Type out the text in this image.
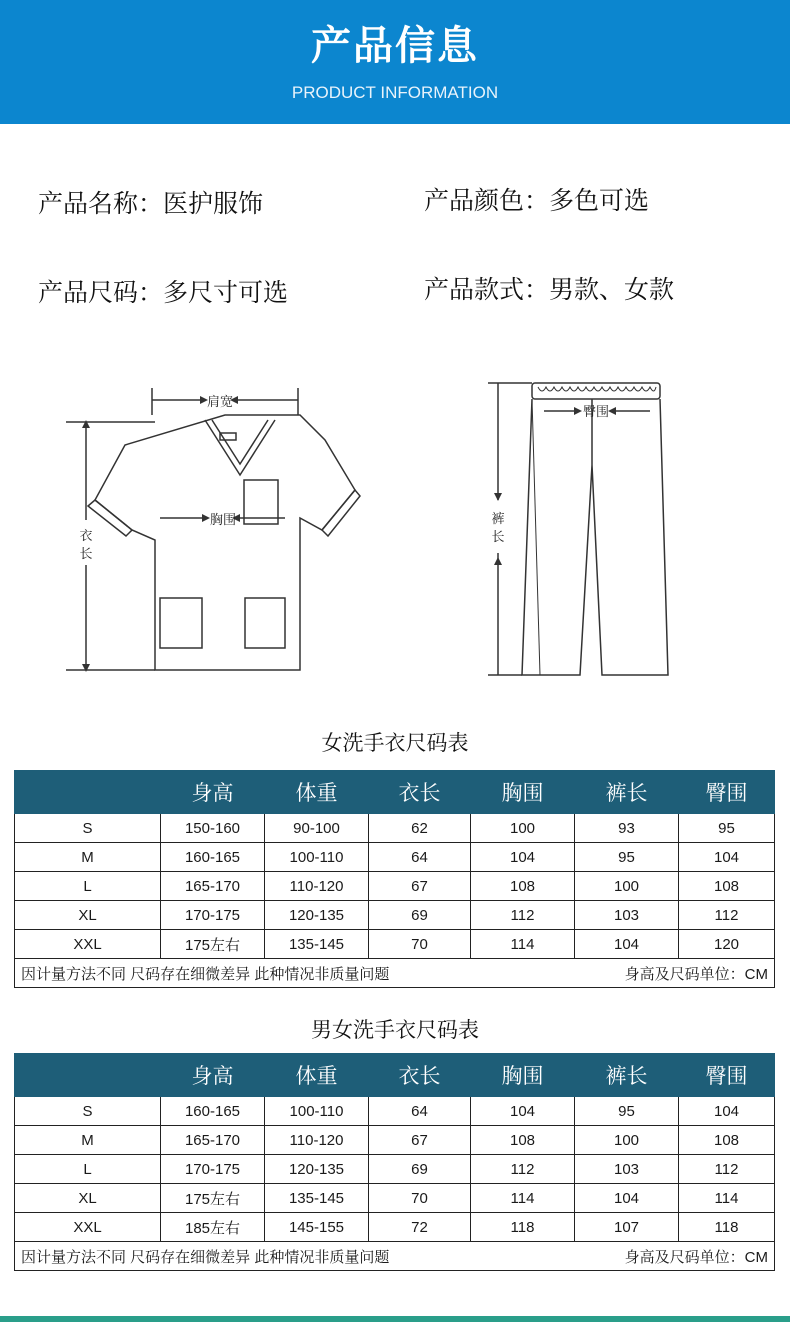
产品信息
PRODUCT INFORMATION
产品名称：医护服饰	产品颜色：多色可选
产品尺码：多尺寸可选	产品款式：男款、女款
肩宽
胸围
衣
长
臀围
裤
长
女洗手衣尺码表
	身高	体重	衣长	胸围	裤长	臀围
S	150-160	90-100	62	100	93	95
M	160-165	100-110	64	104	95	104
L	165-170	110-120	67	108	100	108
XL	170-175	120-135	69	112	103	112
XXL	175左右	135-145	70	114	104	120

因计量方法不同 尺码存在细微差异 此种情况非质量问题 身高及尺码单位：CM						
男女洗手衣尺码表
	身高	体重	衣长	胸围	裤长	臀围
S	160-165	100-110	64	104	95	104
M	165-170	110-120	67	108	100	108
L	170-175	120-135	69	112	103	112
XL	175左右	135-145	70	114	104	114
XXL	185左右	145-155	72	118	107	118

因计量方法不同 尺码存在细微差异 此种情况非质量问题 身高及尺码单位：CM						
